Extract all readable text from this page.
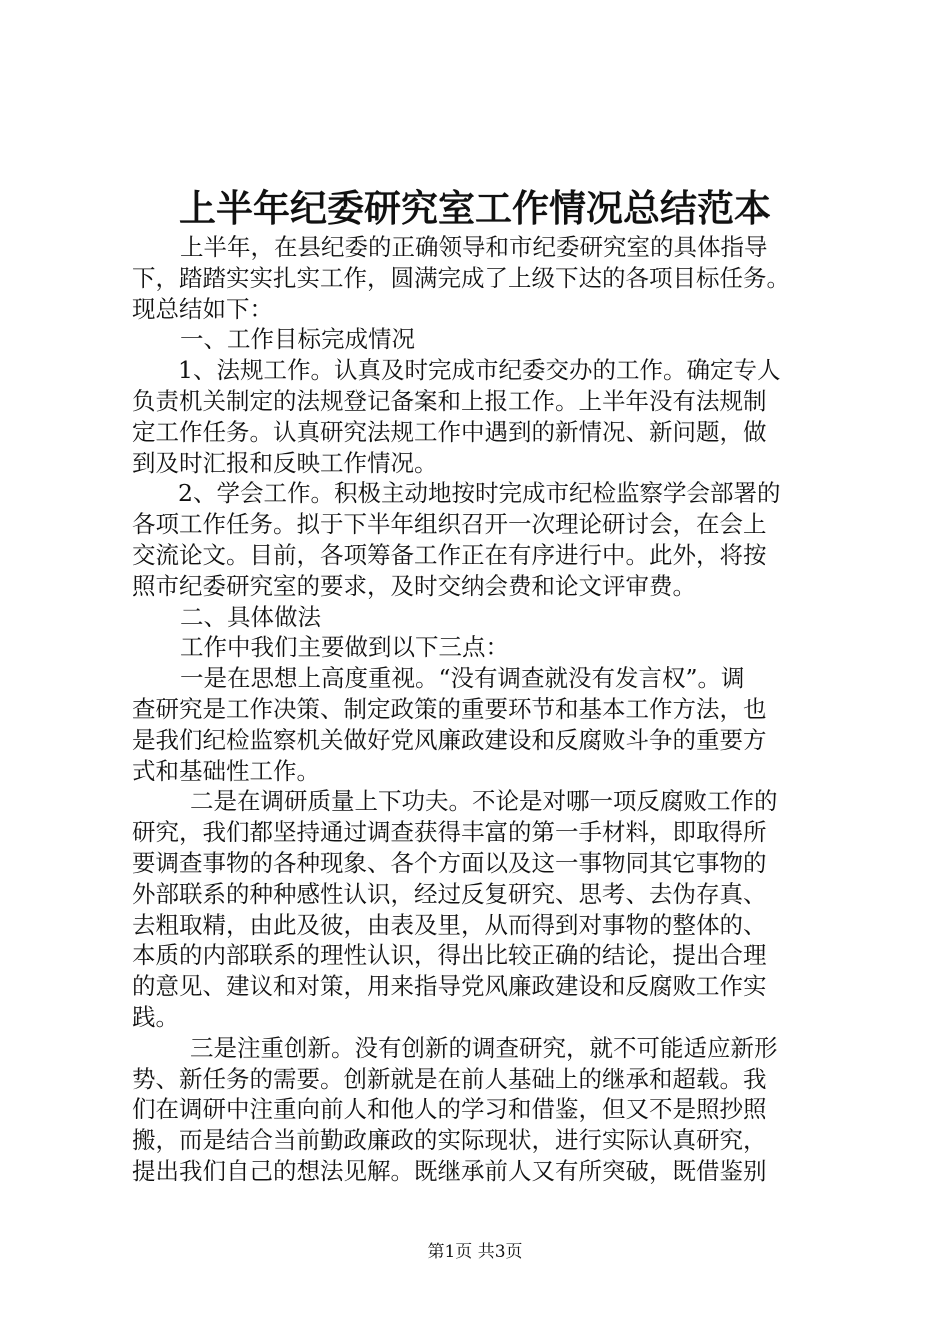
上半年纪委研究室工作情况总结范本
上半年，在县纪委的正确领导和市纪委研究室的具体指导
下，踏踏实实扎实工作，圆满完成了上级下达的各项目标任务。
现总结如下：
一、工作目标完成情况
1、法规工作。认真及时完成市纪委交办的工作。确定专人
负责机关制定的法规登记备案和上报工作。上半年没有法规制
定工作任务。认真研究法规工作中遇到的新情况、新问题，做
到及时汇报和反映工作情况。
2、学会工作。积极主动地按时完成市纪检监察学会部署的
各项工作任务。拟于下半年组织召开一次理论研讨会，在会上
交流论文。目前，各项筹备工作正在有序进行中。此外，将按
照市纪委研究室的要求，及时交纳会费和论文评审费。
二、具体做法
工作中我们主要做到以下三点：
一是在思想上高度重视。“没有调查就没有发言权”。调
查研究是工作决策、制定政策的重要环节和基本工作方法，也
是我们纪检监察机关做好党风廉政建设和反腐败斗争的重要方
式和基础性工作。
二是在调研质量上下功夫。不论是对哪一项反腐败工作的
研究，我们都坚持通过调查获得丰富的第一手材料，即取得所
要调查事物的各种现象、各个方面以及这一事物同其它事物的
外部联系的种种感性认识，经过反复研究、思考、去伪存真、
去粗取精，由此及彼，由表及里，从而得到对事物的整体的、
本质的内部联系的理性认识，得出比较正确的结论，提出合理
的意见、建议和对策，用来指导党风廉政建设和反腐败工作实
践。
三是注重创新。没有创新的调查研究，就不可能适应新形
势、新任务的需要。创新就是在前人基础上的继承和超载。我
们在调研中注重向前人和他人的学习和借鉴，但又不是照抄照
搬，而是结合当前勤政廉政的实际现状，进行实际认真研究，
提出我们自己的想法见解。既继承前人又有所突破，既借鉴别
第1页 共3页
